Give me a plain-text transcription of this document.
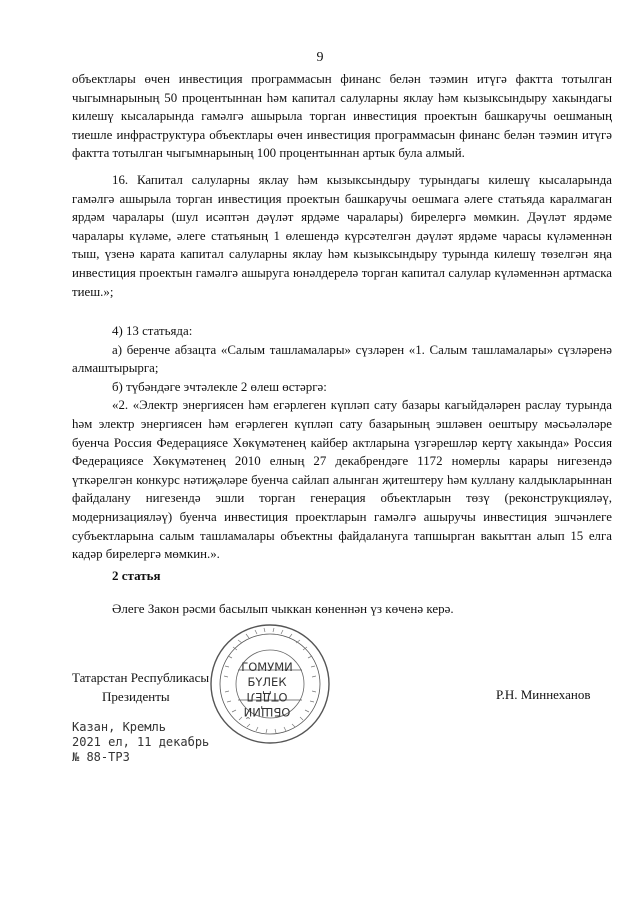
9

объектлары өчен инвестиция программасын финанс белән тәэмин итүгә фактта тотылган чыгымнарының 50 процентыннан һәм капитал салуларны яклау һәм кызыксындыру хакындагы килешү кысаларында гамәлгә ашырыла торган инвестиция проектын башкаручы оешманың тиешле инфраструктура объектлары өчен инвестиция программасын финанс белән тәэмин итүгә фактта тотылган чыгымнарының 100 процентыннан артык була алмый.

16. Капитал салуларны яклау һәм кызыксындыру турындагы килешү кысаларында гамәлгә ашырыла торган инвестиция проектын башкаручы оешмага әлеге статьяда каралмаган ярдәм чаралары (шул исәптән дәүләт ярдәме чаралары) бирелергә мөмкин. Дәүләт ярдәме чаралары күләме, әлеге статьяның 1 өлешендә күрсәтелгән дәүләт ярдәме чарасы күләменнән тыш, үзенә карата капитал салуларны яклау һәм кызыксындыру турында килешү төзелгән яңа инвестиция проектын гамәлгә ашыруга юнәлдерелә торган капитал салулар күләменнән артмаска тиеш.»;

4) 13 статьяда:

а) беренче абзацта «Салым ташламалары» сүзләрен «1. Салым ташламалары» сүзләренә алмаштырырга;

б) түбәндәге эчтәлекле 2 өлеш өстәргә:

«2. «Электр энергиясен һәм егәрлеген күпләп сату базары кагыйдәләрен раслау турында һәм электр энергиясен һәм егәрлеген күпләп сату базарының эшләвен оештыру мәсьәләләре буенча Россия Федерациясе Хөкүмәтенең кайбер актларына үзгәрешләр кертү хакында» Россия Федерациясе Хөкүмәтенең 2010 елның 27 декабрендәге 1172 номерлы карары нигезендә үткәрелгән конкурс нәтиҗәләре буенча сайлап алынган җитештеру һәм куллану калдыкларыннан файдалану нигезендә эшли торган генерация объектларын төзү (реконструкцияләү, модернизацияләү) буенча инвестиция проектларын гамәлгә ашыручы инвестиция эшчәнлеге субъектларына салым ташламалары объектны файдалануга тапшырган вакыттан алып 15 елга кадәр бирелергә мөмкин.».

2 статья
Әлеге Закон рәсми басылып чыккан көненнән үз көченә керә.
Татарстан Республикасы
Президенты
ГОМУМИ
БҮЛЕК
ОТДЕЛ
ОБЩИЙ
Р.Н. Миннеханов
Казан, Кремль
2021 ел, 11 декабрь
№ 88-ТРЗ
